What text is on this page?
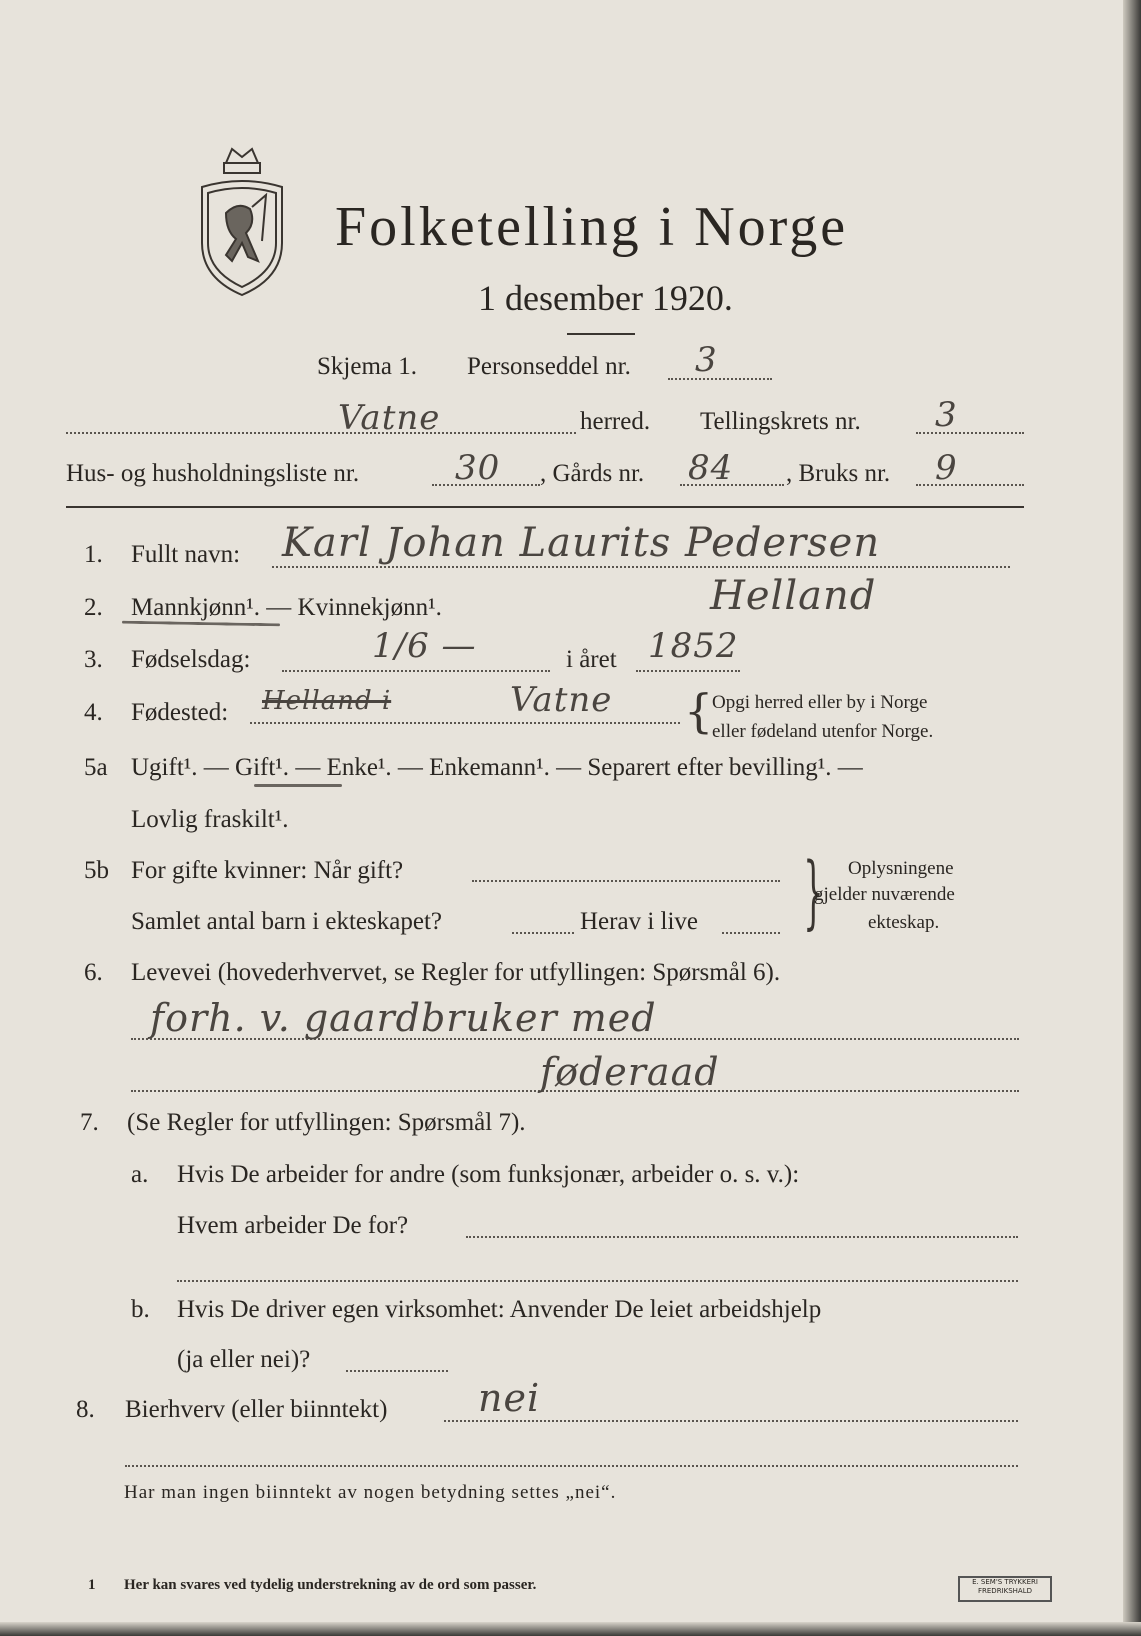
Folketelling i Norge
1 desember 1920.
Skjema 1. Personseddel nr. 3
Vatne	herred. Tellingskrets nr. 3
Hus- og husholdningsliste nr.	30 , Gårds nr. 84 , Bruks nr. 9
1. Fullt navn: Karl Johan Laurits Pedersen
Helland
2. Mannkjønn¹. — Kvinnekjønn¹.
3. Fødselsdag:	1/6 —	i året 1852
4. Fødested: Helland i	Vatne {
Opgi herred eller by i Norge
eller fødeland utenfor Norge.
5a Ugift¹. — Gift¹. — Enke¹. — Enkemann¹. — Separert efter bevilling¹. —
Lovlig fraskilt¹.
5b For gifte kvinner: Når gift?
Samlet antal barn i ekteskapet?	Herav i live } Oplysningene
gjelder nuværende
ekteskap.
6. Levevei (hovederhvervet, se Regler for utfyllingen: Spørsmål 6).
forh. v. gaardbruker med
føderaad
7. (Se Regler for utfyllingen: Spørsmål 7).
a. Hvis De arbeider for andre (som funksjonær, arbeider o. s. v.):
Hvem arbeider De for?
b. Hvis De driver egen virksomhet: Anvender De leiet arbeidshjelp
(ja eller nei)?
8. Bierhverv (eller biinntekt) nei
Har man ingen biinntekt av nogen betydning settes „nei“.
1 Her kan svares ved tydelig understrekning av de ord som passer.	E. SEM'S TRYKKERI FREDRIKSHALD
